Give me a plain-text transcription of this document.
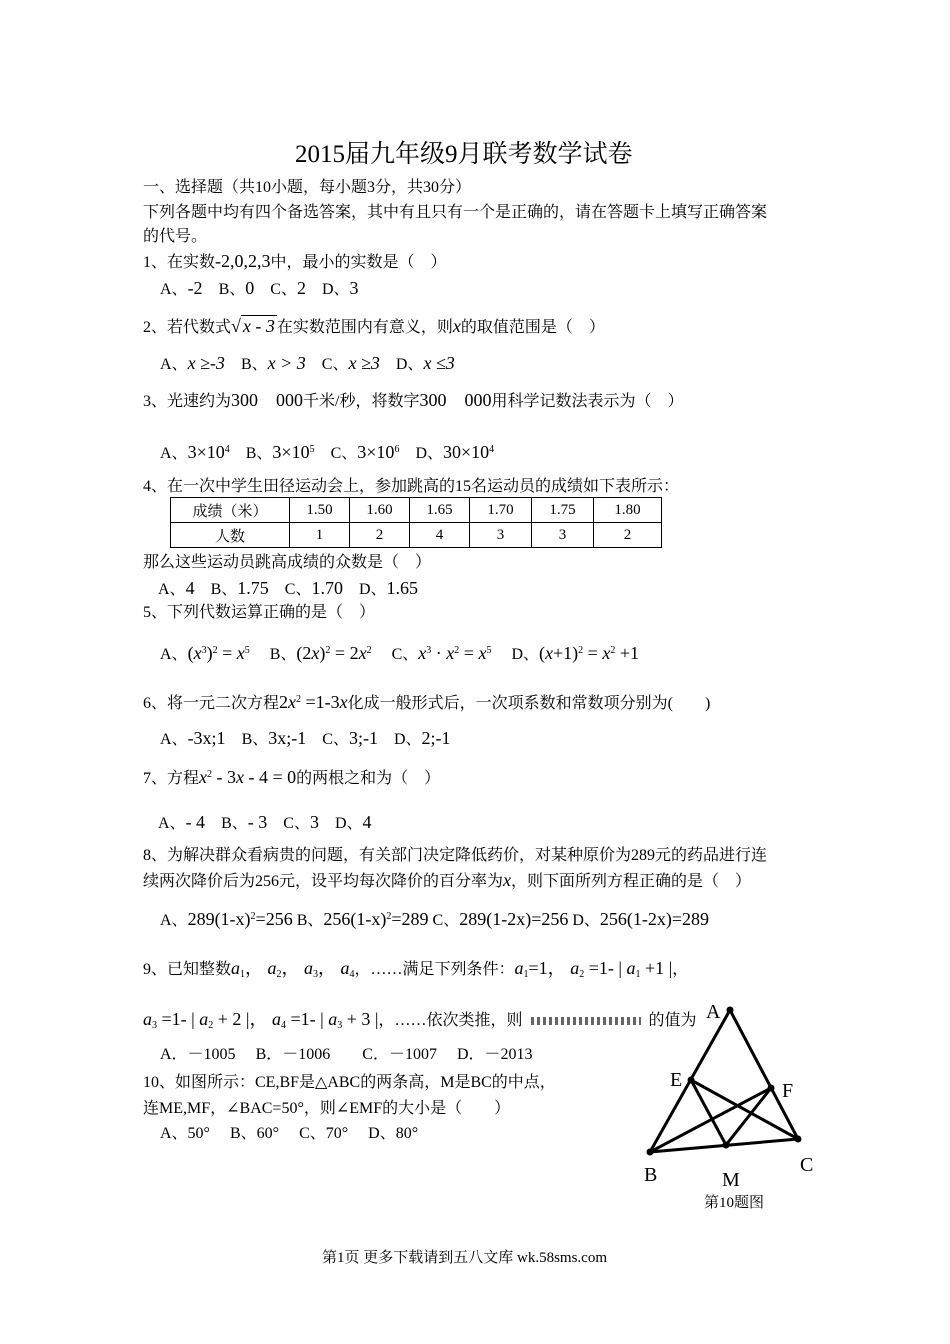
2015届九年级9月联考数学试卷
一、选择题（共10小题，每小题3分，共30分）
下列各题中均有四个备选答案，其中有且只有一个是正确的，请在答题卡上填写正确答案
的代号。
1、在实数-2,0,2,3中，最小的实数是（　）
A、-2　 B、0　 C、2　 D、3
2、若代数式√ x - 3 在实数范围内有意义，则x的取值范围是（　）
A、x ≥-3　 B、x > 3　 C、x ≥3　 D、x ≤3
3、光速约为300　000千米/秒，将数字300　000用科学记数法表示为（　）
A、$3\times 10^4$　 B、$3\times 10^5$　 C、$3\times 10^6$　 D、$30\times 10^4$
4、在一次中学生田径运动会上，参加跳高的15名运动员的成绩如下表所示：
成绩（米）	1.50	1.60	1.65	1.70	1.75	1.80
人数	1	2	4	3	3	2
那么这些运动员跳高成绩的众数是（　）
A、4　 B、1.75　 C、1.70　 D、1.65
5、下列代数运算正确的是（　）
A、$(x^3)^2 = x^5$　 B、$(2x)^2 = 2x^2$　 C、$x^3 \cdot x^2 = x^5$　 D、$(x+1)^2 = x^2 +1$
6、将一元二次方程$2x^2 =1-3x$化成一般形式后，一次项系数和常数项分别为(　　)
A、-3x;1　 B、3x;-1　 C、3;-1　 D、2;-1
7、方程$x^2 - 3x - 4 = 0$的两根之和为（　）
A、- 4　 B、- 3　 C、3　 D、4
8、为解决群众看病贵的问题，有关部门决定降低药价，对某种原价为289元的药品进行连
续两次降价后为256元，设平均每次降价的百分率为x，则下面所列方程正确的是（　）
A、$289(1-x)^2=256$ B、$256(1-x)^2=289$ C、289(1-2x)=256 D、256(1-2x)=289
9、已知整数$a_1$， $a_2$， $a_3$， $a_4$，……满足下列条件：$a_1=1$， $a_2 =1-$ | $a_1 +1$ |，
$a_3 =1-$ | $a_2 + 2$ |， $a_4 =1-$ | $a_3 + 3$ |，……依次类推，则	的值为
A．－1005　 B．－1006　　 C．－1007　 D．－2013
10、如图所示：CE,BF是△ABC的两条高，M是BC的中点，
连ME,MF，∠BAC=50°，则∠EMF的大小是（　　）
A、50°　 B、60°　 C、70°　 D、80°
A
E	F
B	M
C
第10题图
第1页 更多下载请到五八文库 wk.58sms.com
